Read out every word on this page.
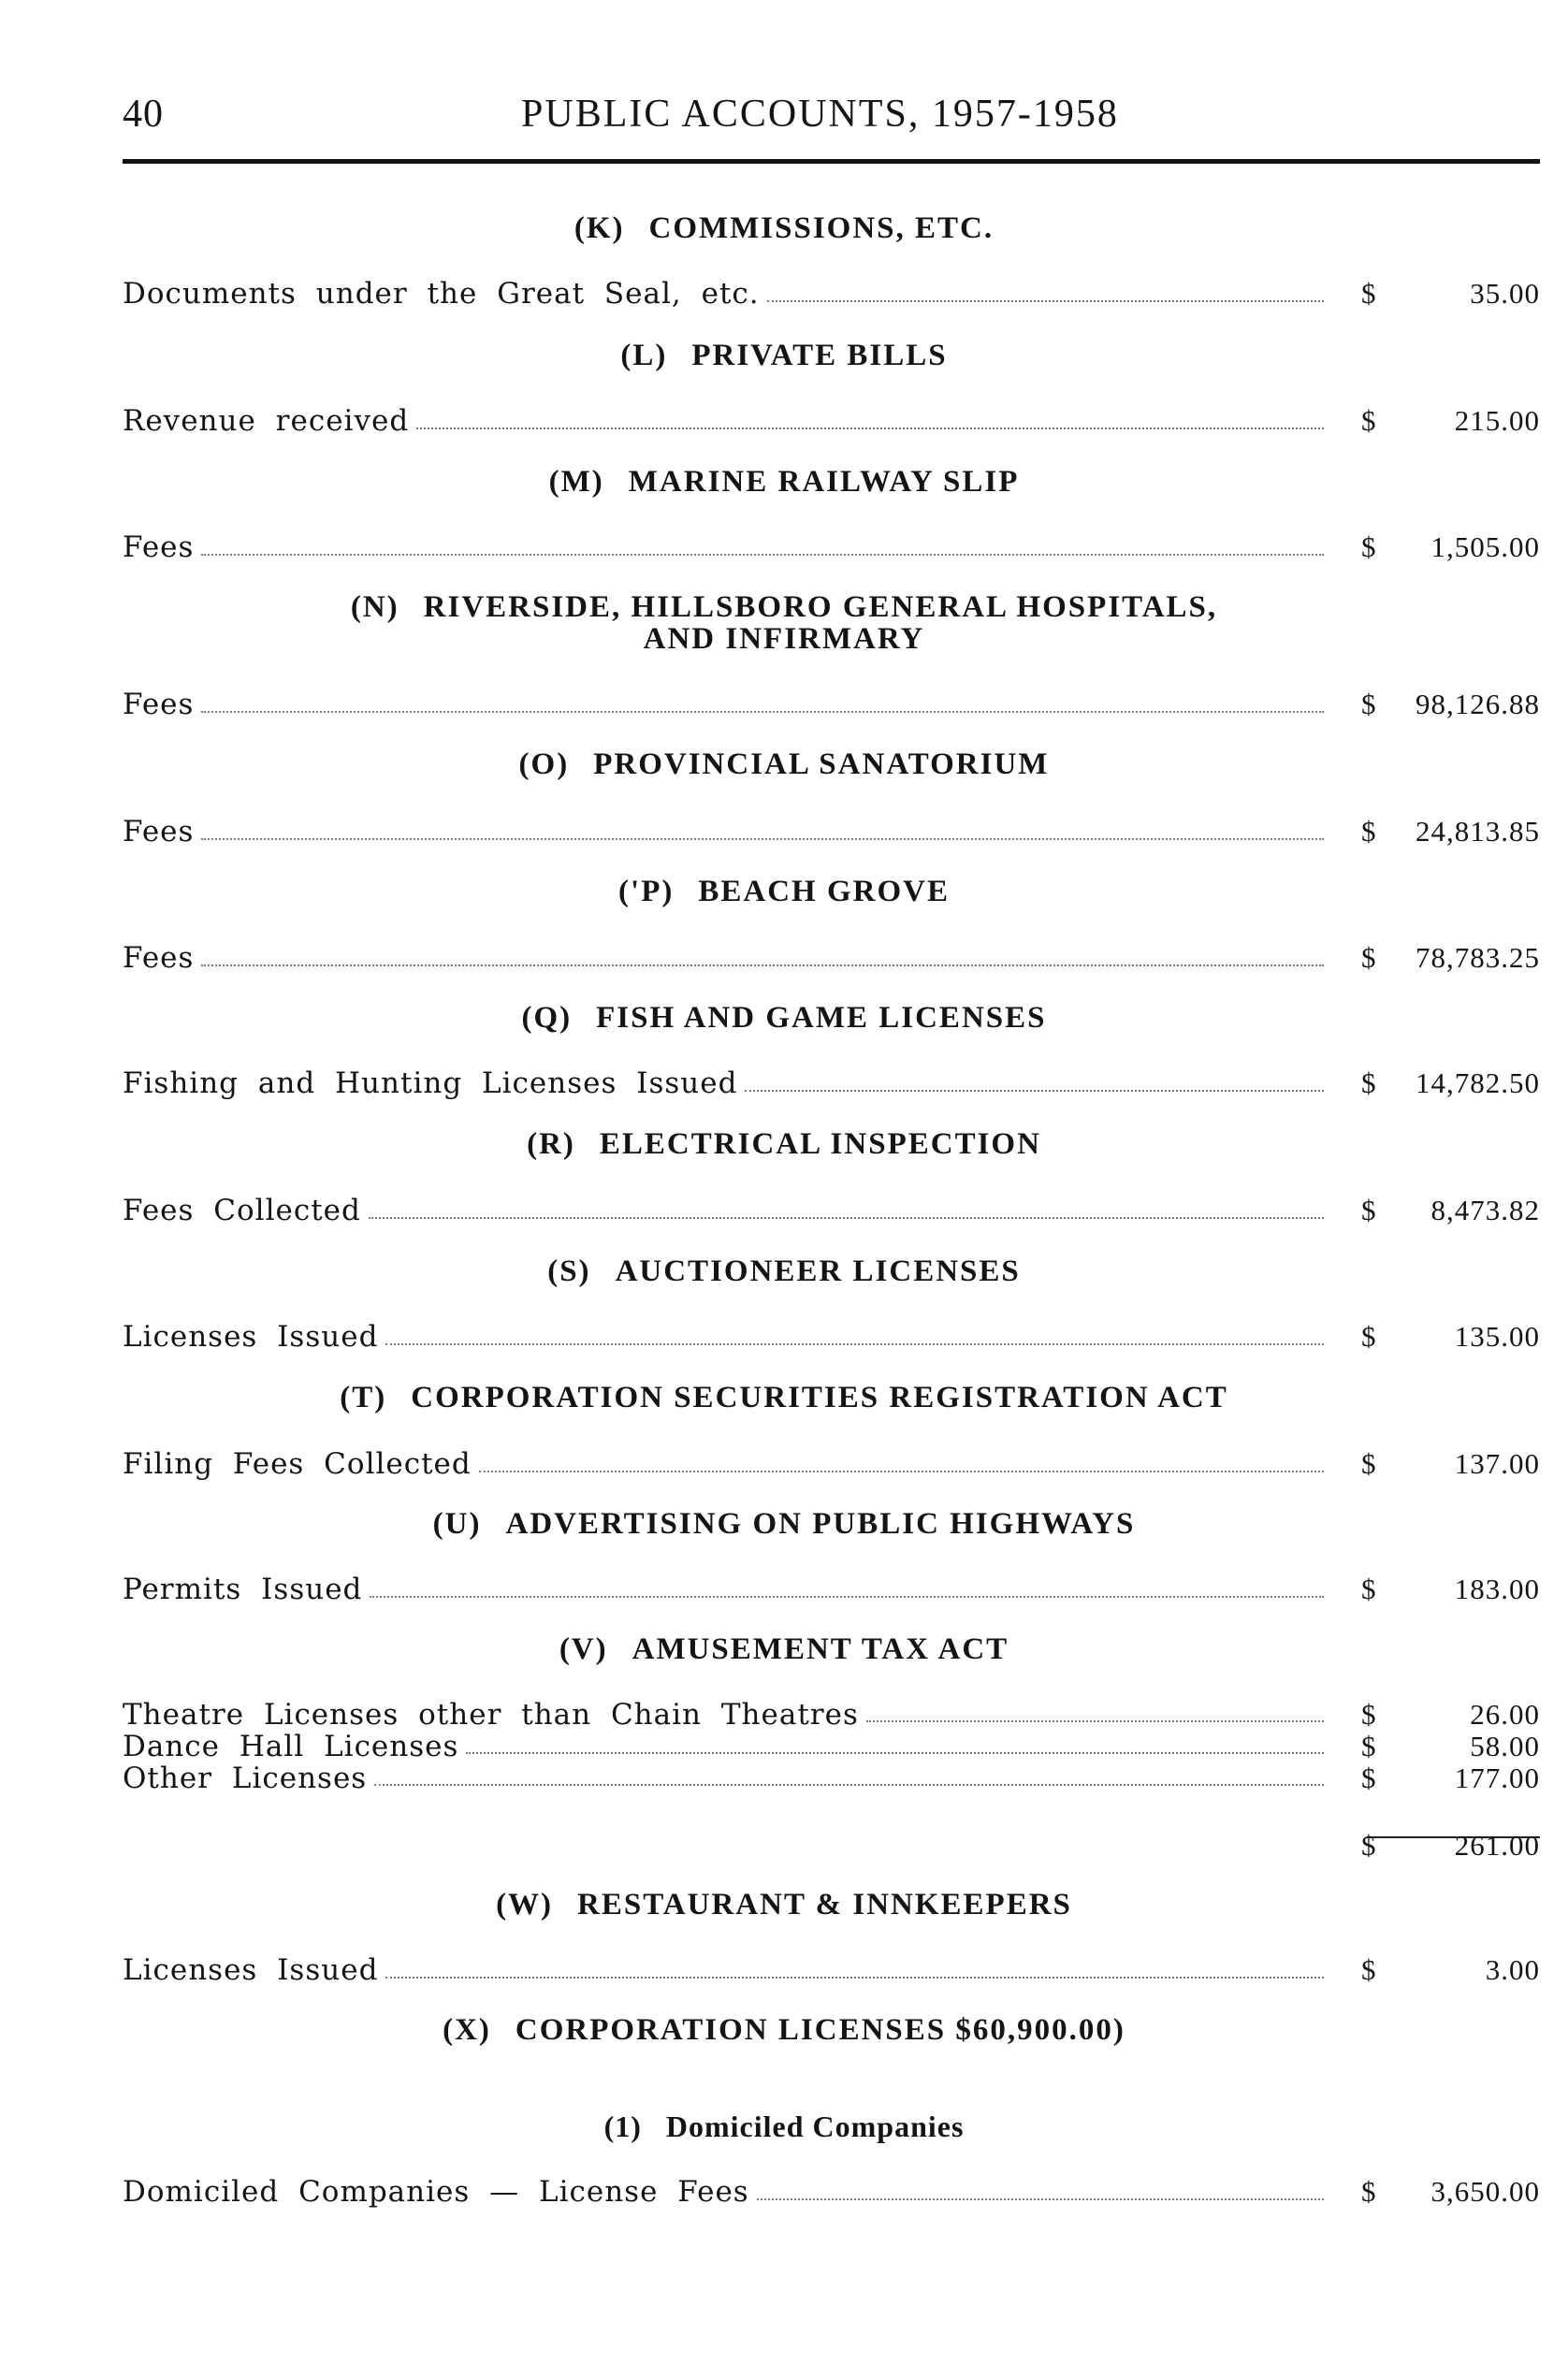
40	PUBLIC ACCOUNTS, 1957-1958
(K) COMMISSIONS, ETC.
Documents under the Great Seal, etc.	$	35.00
(L) PRIVATE BILLS
Revenue received	$	215.00
(M) MARINE RAILWAY SLIP
Fees	$ 1,505.00
(N) RIVERSIDE, HILLSBORO GENERAL HOSPITALS,
AND INFIRMARY
Fees	$ 98,126.88
(O) PROVINCIAL SANATORIUM
Fees	$ 24,813.85
('P) BEACH GROVE
Fees	$ 78,783.25
(Q) FISH AND GAME LICENSES
Fishing and Hunting Licenses Issued	$ 14,782.50
(R) ELECTRICAL INSPECTION
Fees Collected	$ 8,473.82
(S) AUCTIONEER LICENSES
Licenses Issued	$	135.00
(T) CORPORATION SECURITIES REGISTRATION ACT
Filing Fees Collected	$	137.00
(U) ADVERTISING ON PUBLIC HIGHWAYS
Permits Issued	$	183.00
(V) AMUSEMENT TAX ACT
Theatre Licenses other than Chain Theatres	$	26.00
Dance Hall Licenses	$	58.00
Other Licenses	$	177.00
$	261.00
(W) RESTAURANT & INNKEEPERS
Licenses Issued	$	3.00
(X) CORPORATION LICENSES $60,900.00)
(1) Domiciled Companies
Domiciled Companies — License Fees	$ 3,650.00
